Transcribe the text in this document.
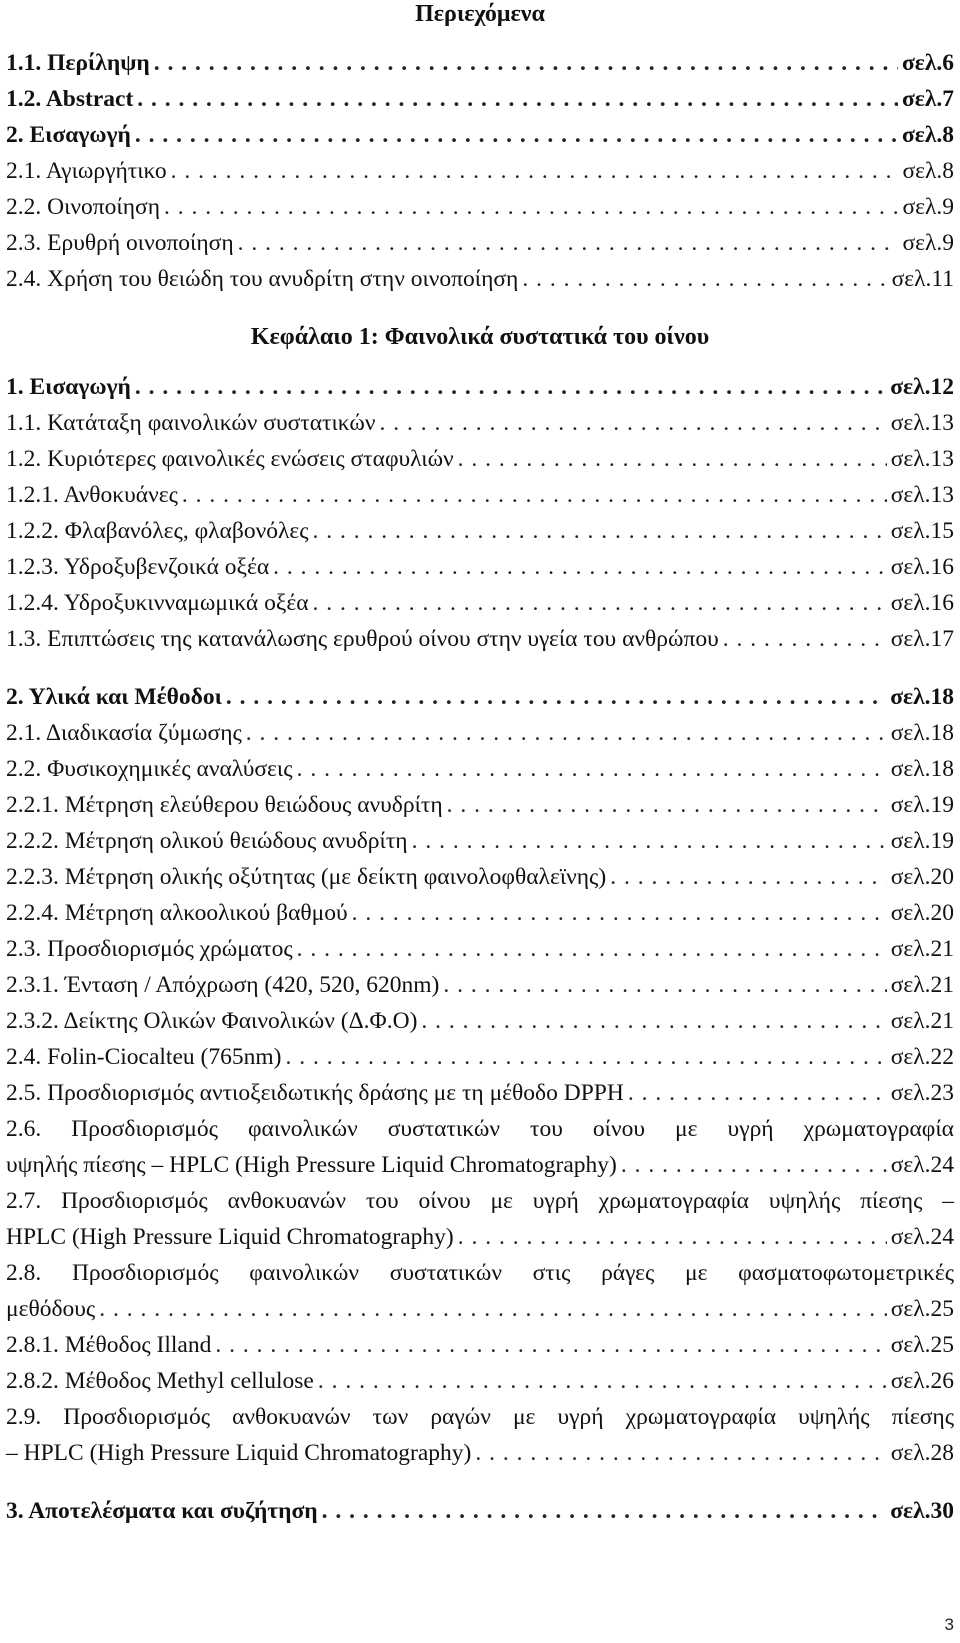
Περιεχόμενα
1.1. Περίληψη . . .	σελ.6
1.2. Abstract . . .	σελ.7
2. Εισαγωγή . . .	σελ.8
2.1. Αγιωργήτικο . . .	σελ.8
2.2. Οινοποίηση . . .	σελ.9
2.3. Ερυθρή οινοποίηση . . .	σελ.9
2.4. Χρήση του θειώδη του ανυδρίτη στην οινοποίηση . . .	σελ.11
Κεφάλαιο 1: Φαινολικά συστατικά του οίνου
1. Εισαγωγή . . .	σελ.12
1.1. Κατάταξη φαινολικών συστατικών . . .	σελ.13
1.2. Κυριότερες φαινολικές ενώσεις σταφυλιών . . .	σελ.13
1.2.1. Ανθοκυάνες . . .	σελ.13
1.2.2. Φλαβανόλες, φλαβονόλες . . .	σελ.15
1.2.3. Υδροξυβενζοικά οξέα . . .	σελ.16
1.2.4. Υδροξυκινναμωμικά οξέα . . .	σελ.16
1.3. Επιπτώσεις της κατανάλωσης ερυθρού οίνου στην υγεία του ανθρώπου . . .	σελ.17
2. Υλικά και Μέθοδοι . . .	σελ.18
2.1. Διαδικασία ζύμωσης . . .	σελ.18
2.2. Φυσικοχημικές αναλύσεις . . .	σελ.18
2.2.1. Μέτρηση ελεύθερου θειώδους ανυδρίτη . . .	σελ.19
2.2.2. Μέτρηση ολικού θειώδους ανυδρίτη . . .	σελ.19
2.2.3. Μέτρηση ολικής οξύτητας (με δείκτη φαινολοφθαλεϊνης) . . .	σελ.20
2.2.4. Μέτρηση αλκοολικού βαθμού . . .	σελ.20
2.3. Προσδιορισμός χρώματος . . .	σελ.21
2.3.1. Ένταση / Απόχρωση (420, 520, 620nm) . . .	σελ.21
2.3.2. Δείκτης Ολικών Φαινολικών (Δ.Φ.Ο) . . .	σελ.21
2.4. Folin-Ciocalteu (765nm) . . .	σελ.22
2.5. Προσδιορισμός αντιοξειδωτικής δράσης με τη μέθοδο DPPH . . .	σελ.23
2.6. Προσδιορισμός φαινολικών συστατικών του οίνου με υγρή χρωματογραφία
υψηλής πίεσης – HPLC (High Pressure Liquid Chromatography) . . .	σελ.24
2.7. Προσδιορισμός ανθοκυανών του οίνου με υγρή χρωματογραφία υψηλής πίεσης –
HPLC (High Pressure Liquid Chromatography) . . .	σελ.24
2.8. Προσδιορισμός φαινολικών συστατικών στις ράγες με φασματοφωτομετρικές
μεθόδους . . .	σελ.25
2.8.1. Μέθοδος Illand . . .	σελ.25
2.8.2. Μέθοδος Methyl cellulose . . .	σελ.26
2.9. Προσδιορισμός ανθοκυανών των ραγών με υγρή χρωματογραφία υψηλής πίεσης
– HPLC (High Pressure Liquid Chromatography) . . .	σελ.28
3. Αποτελέσματα και συζήτηση . . .	σελ.30
3
